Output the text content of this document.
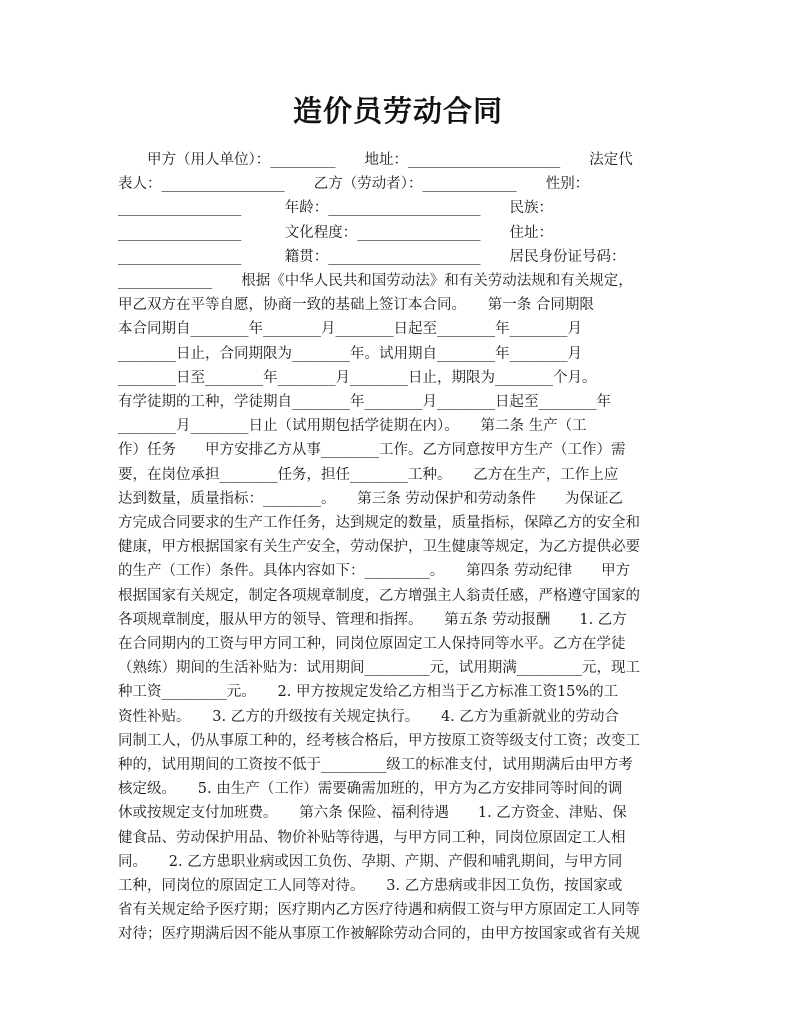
造价员劳动合同
　　甲方（用人单位）：_________　　地址：_____________________　　法定代
表人：_________________　　乙方（劳动者）：_____________　　性别：
_________________　　　年龄：_____________________　　民族：
_________________　　　文化程度：_________________　　住址：
_________________　　　籍贯：_____________________　　居民身份证号码：
_____________　　根据《中华人民共和国劳动法》和有关劳动法规和有关规定，
甲乙双方在平等自愿，协商一致的基础上签订本合同。　　第一条 合同期限
本合同期自________年________月________日起至________年________月
________日止，合同期限为________年。试用期自________年________月
________日至________年________月________日止，期限为________个月。
有学徒期的工种，学徒期自________年________月________日起至________年
________月________日止（试用期包括学徒期在内）。　　第二条 生产（工
作）任务　　甲方安排乙方从事________工作。乙方同意按甲方生产（工作）需
要，在岗位承担________任务，担任________工种。　　乙方在生产，工作上应
达到数量，质量指标：________。　　第三条 劳动保护和劳动条件　　为保证乙
方完成合同要求的生产工作任务，达到规定的数量，质量指标，保障乙方的安全和
健康，甲方根据国家有关生产安全，劳动保护，卫生健康等规定，为乙方提供必要
的生产（工作）条件。具体内容如下：_________。　　第四条 劳动纪律　　甲方
根据国家有关规定，制定各项规章制度，乙方增强主人翁责任感，严格遵守国家的
各项规章制度，服从甲方的领导、管理和指挥。　　第五条 劳动报酬　　1. 乙方
在合同期内的工资与甲方同工种，同岗位原固定工人保持同等水平。乙方在学徒
（熟练）期间的生活补贴为：试用期间_________元，试用期满_________元，现工
种工资_________元。　　2. 甲方按规定发给乙方相当于乙方标准工资15%的工
资性补贴。　　3. 乙方的升级按有关规定执行。　　4. 乙方为重新就业的劳动合
同制工人，仍从事原工种的，经考核合格后，甲方按原工资等级支付工资；改变工
种的，试用期间的工资按不低于_________级工的标准支付，试用期满后由甲方考
核定级。　　5. 由生产（工作）需要确需加班的，甲方为乙方安排同等时间的调
休或按规定支付加班费。　　第六条 保险、福利待遇　　1. 乙方资金、津贴、保
健食品、劳动保护用品、物价补贴等待遇，与甲方同工种，同岗位原固定工人相
同。　　2. 乙方患职业病或因工负伤、孕期、产期、产假和哺乳期间，与甲方同
工种，同岗位的原固定工人同等对待。　　3. 乙方患病或非因工负伤，按国家或
省有关规定给予医疗期；医疗期内乙方医疗待遇和病假工资与甲方原固定工人同等
对待；医疗期满后因不能从事原工作被解除劳动合同的，由甲方按国家或省有关规
